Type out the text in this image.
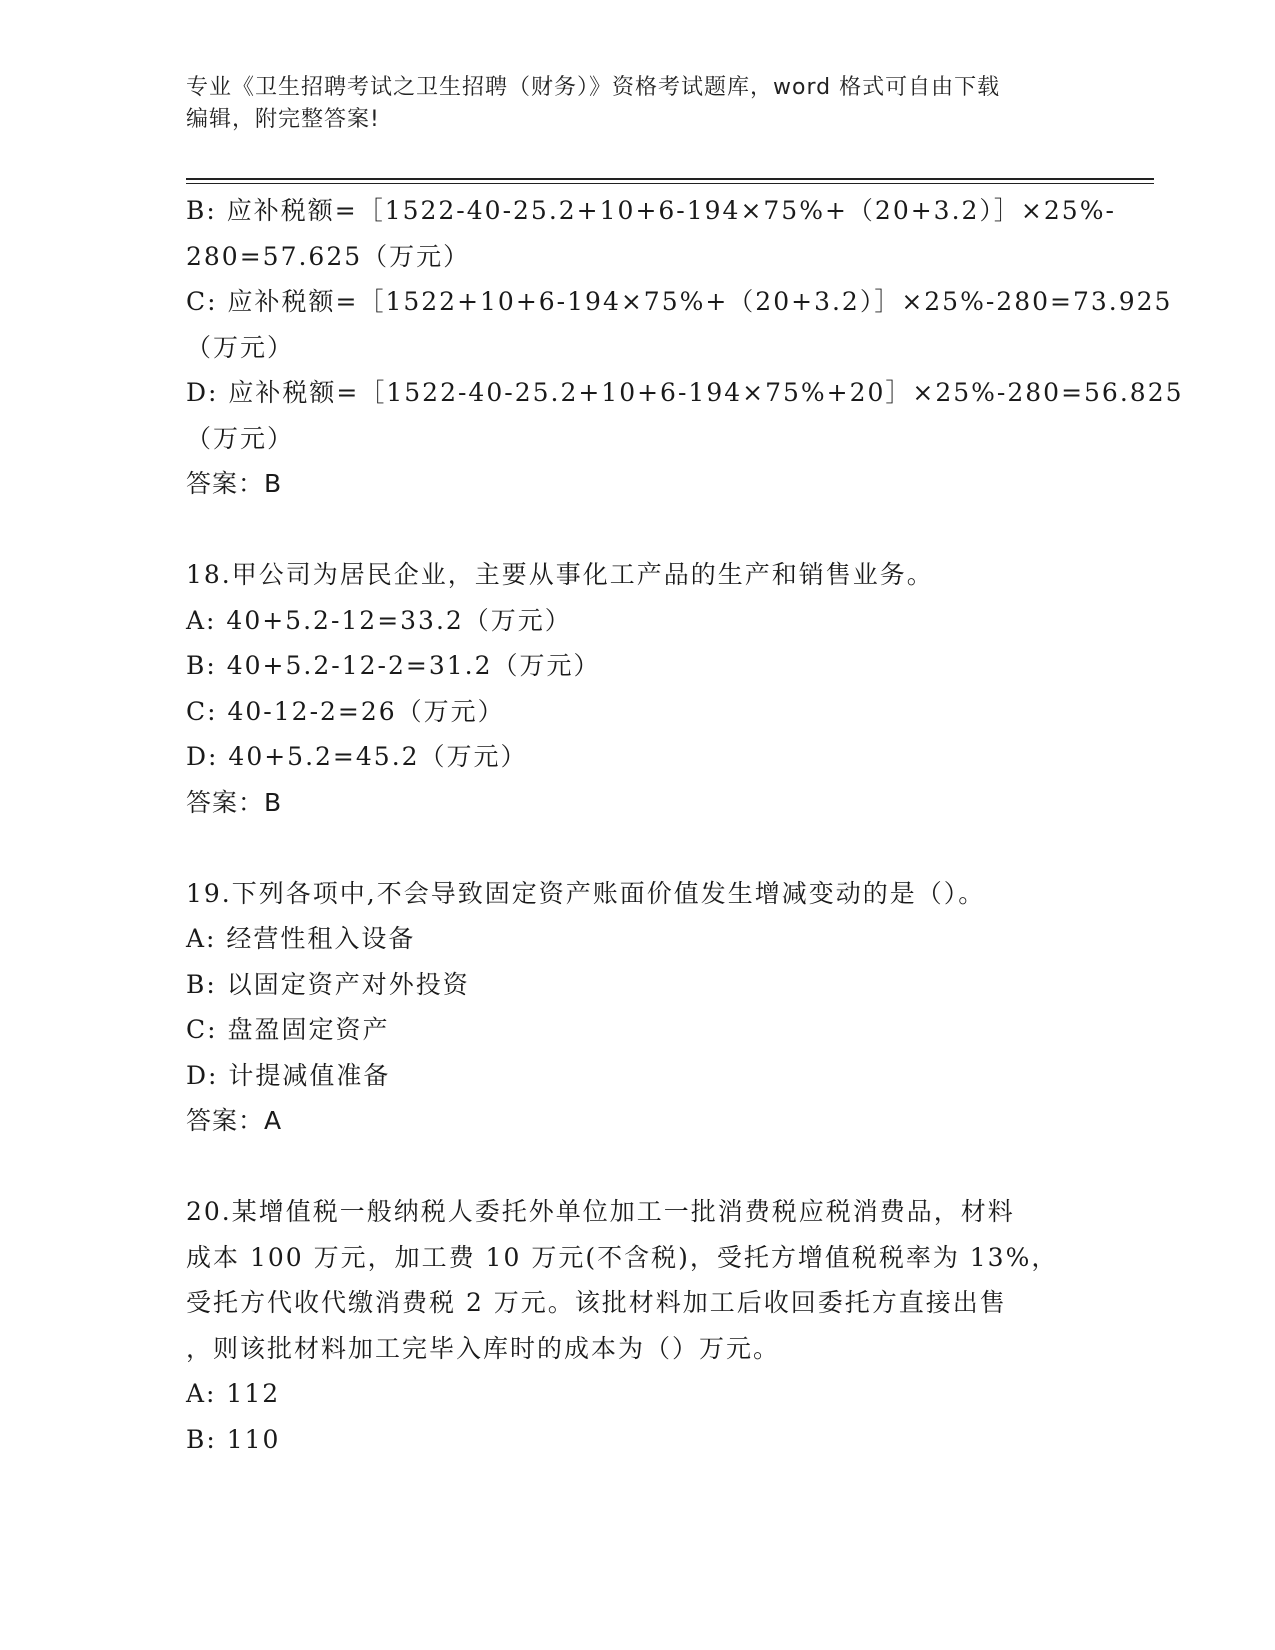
专业《卫生招聘考试之卫生招聘（财务）》资格考试题库，word 格式可自由下载
编辑，附完整答案!
B: 应补税额=［1522-40-25.2+10+6-194×75%+（20+3.2）］×25%-
280=57.625（万元）
C: 应补税额=［1522+10+6-194×75%+（20+3.2）］×25%-280=73.925
（万元）
D: 应补税额=［1522-40-25.2+10+6-194×75%+20］×25%-280=56.825
（万元）
答案：B
18.甲公司为居民企业，主要从事化工产品的生产和销售业务。
A: 40+5.2-12=33.2（万元）
B: 40+5.2-12-2=31.2（万元）
C: 40-12-2=26（万元）
D: 40+5.2=45.2（万元）
答案：B
19.下列各项中,不会导致固定资产账面价值发生增减变动的是（）。
A: 经营性租入设备
B: 以固定资产对外投资
C: 盘盈固定资产
D: 计提减值准备
答案：A
20.某增值税一般纳税人委托外单位加工一批消费税应税消费品，材料
成本 100 万元，加工费 10 万元(不含税)，受托方增值税税率为 13%，
受托方代收代缴消费税 2 万元。该批材料加工后收回委托方直接出售
，则该批材料加工完毕入库时的成本为（）万元。
A: 112
B: 110
